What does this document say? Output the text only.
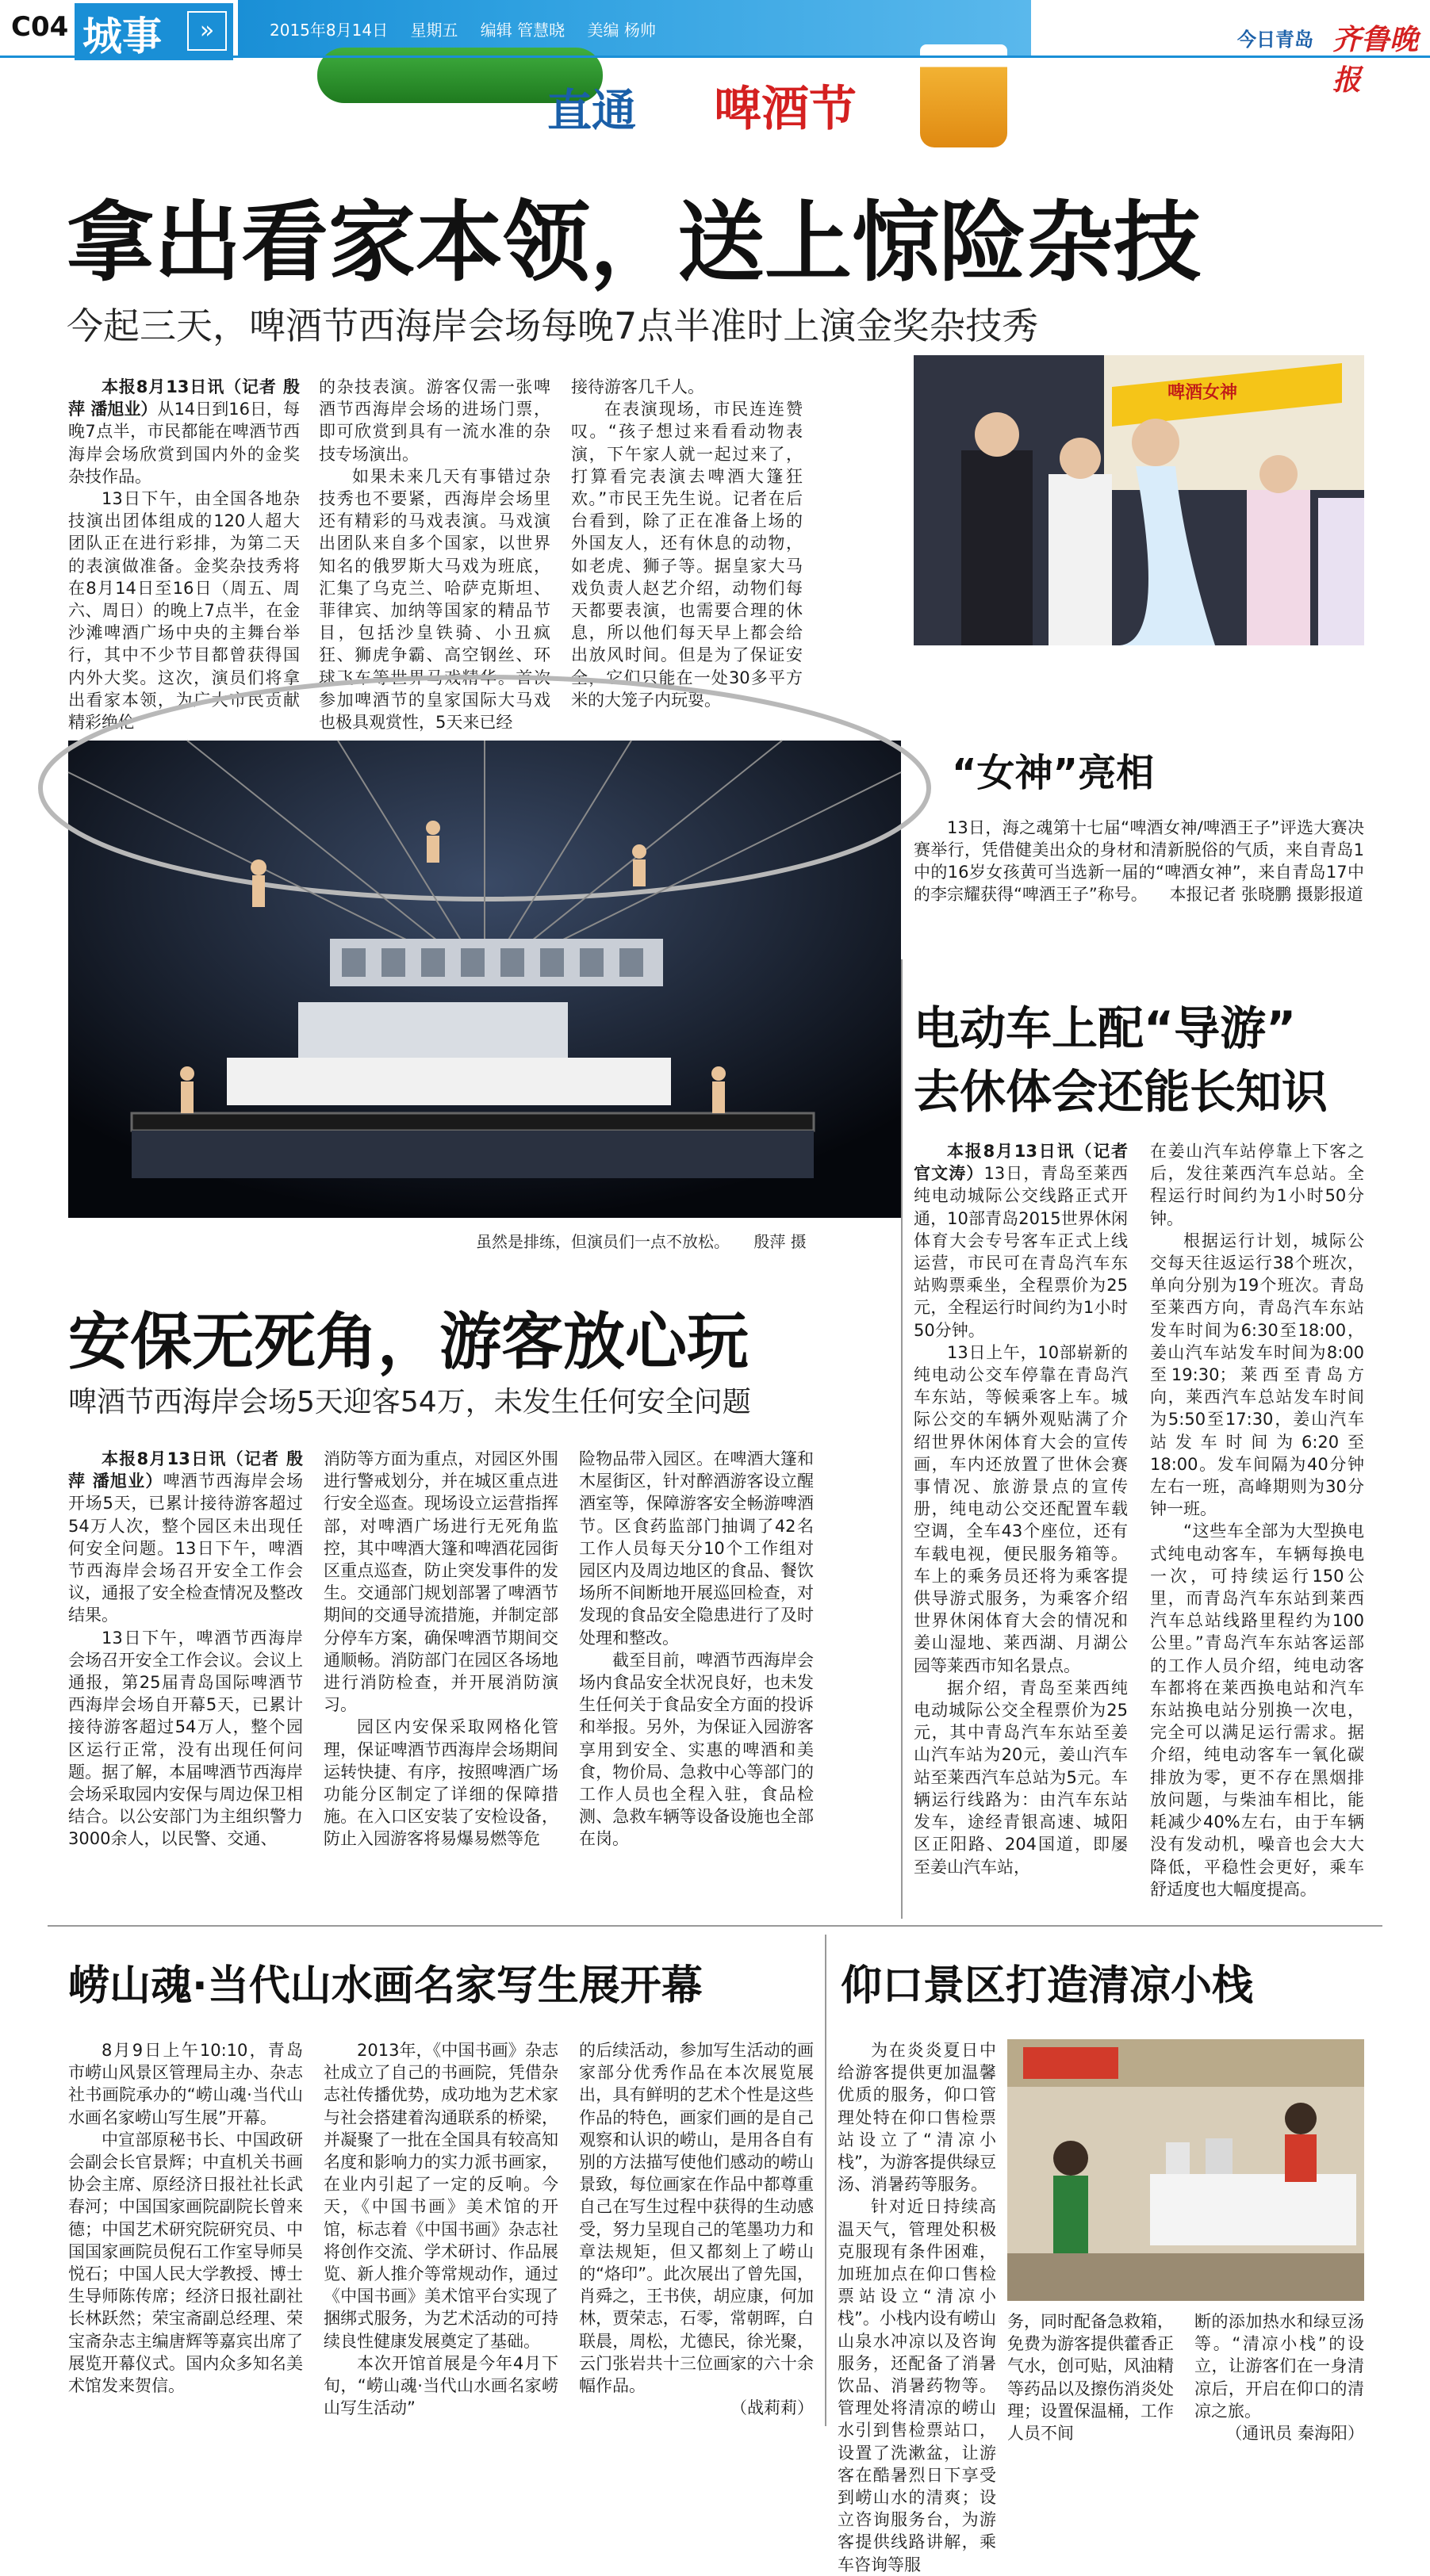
C04 城事	»	2015年8月14日 星期五 编辑 管慧晓 美编 杨帅
直通 啤酒节
今日青岛 齐鲁晚报
拿出看家本领，送上惊险杂技
今起三天，啤酒节西海岸会场每晚7点半准时上演金奖杂技秀

本报8月13日讯（记者 殷萍 潘旭业）从14日到16日，每晚7点半，市民都能在啤酒节西海岸会场欣赏到国内外的金奖杂技作品。

13日下午，由全国各地杂技演出团体组成的120人超大团队正在进行彩排，为第二天的表演做准备。金奖杂技秀将在8月14日至16日（周五、周六、周日）的晚上7点半，在金沙滩啤酒广场中央的主舞台举行，其中不少节目都曾获得国内外大奖。这次，演员们将拿出看家本领，为广大市民贡献精彩绝伦

的杂技表演。游客仅需一张啤酒节西海岸会场的进场门票，即可欣赏到具有一流水准的杂技专场演出。

如果未来几天有事错过杂技秀也不要紧，西海岸会场里还有精彩的马戏表演。马戏演出团队来自多个国家，以世界知名的俄罗斯大马戏为班底，汇集了乌克兰、哈萨克斯坦、菲律宾、加纳等国家的精品节目，包括沙皇铁骑、小丑疯狂、狮虎争霸、高空钢丝、环球飞车等世界马戏精华。首次参加啤酒节的皇家国际大马戏也极具观赏性，5天来已经

接待游客几千人。

在表演现场，市民连连赞叹。“孩子想过来看看动物表演，下午家人就一起过来了，打算看完表演去啤酒大篷狂欢。”市民王先生说。记者在后台看到，除了正在准备上场的外国友人，还有休息的动物，如老虎、狮子等。据皇家大马戏负责人赵艺介绍，动物们每天都要表演，也需要合理的休息，所以他们每天早上都会给出放风时间。但是为了保证安全，它们只能在一处30多平方米的大笼子内玩耍。

虽然是排练，但演员们一点不放松。 殷萍 摄
啤酒女神
“女神”亮相
13日，海之魂第十七届“啤酒女神/啤酒王子”评选大赛决赛举行，凭借健美出众的身材和清新脱俗的气质，来自青岛1中的16岁女孩黄可当选新一届的“啤酒女神”，来自青岛17中的李宗耀获得“啤酒王子”称号。 本报记者 张晓鹏 摄影报道
电动车上配“导游”
去休体会还能长知识

本报8月13日讯（记者 官文涛）13日，青岛至莱西纯电动城际公交线路正式开通，10部青岛2015世界休闲体育大会专号客车正式上线运营，市民可在青岛汽车东站购票乘坐，全程票价为25元，全程运行时间约为1小时50分钟。

13日上午，10部崭新的纯电动公交车停靠在青岛汽车东站，等候乘客上车。城际公交的车辆外观贴满了介绍世界休闲体育大会的宣传画，车内还放置了世休会赛事情况、旅游景点的宣传册，纯电动公交还配置车载空调，全车43个座位，还有车载电视，便民服务箱等。车上的乘务员还将为乘客提供导游式服务，为乘客介绍世界休闲体育大会的情况和姜山湿地、莱西湖、月湖公园等莱西市知名景点。

据介绍，青岛至莱西纯电动城际公交全程票价为25元，其中青岛汽车东站至姜山汽车站为20元，姜山汽车站至莱西汽车总站为5元。车辆运行线路为：由汽车东站发车，途经青银高速、城阳区正阳路、204国道，即屡至姜山汽车站，

在姜山汽车站停靠上下客之后，发往莱西汽车总站。全程运行时间约为1小时50分钟。

根据运行计划，城际公交每天往返运行38个班次，单向分别为19个班次。青岛至莱西方向，青岛汽车东站发车时间为6:30至18:00，姜山汽车站发车时间为8:00至19:30；莱西至青岛方向，莱西汽车总站发车时间为5:50至17:30，姜山汽车站发车时间为6:20至18:00。发车间隔为40分钟左右一班，高峰期则为30分钟一班。

“这些车全部为大型换电式纯电动客车，车辆每换电一次，可持续运行150公里，而青岛汽车东站到莱西汽车总站线路里程约为100公里。”青岛汽车东站客运部的工作人员介绍，纯电动客车都将在莱西换电站和汽车东站换电站分别换一次电，完全可以满足运行需求。据介绍，纯电动客车一氧化碳排放为零，更不存在黑烟排放问题，与柴油车相比，能耗减少40%左右，由于车辆没有发动机，噪音也会大大降低，平稳性会更好，乘车舒适度也大幅度提高。

安保无死角，游客放心玩
啤酒节西海岸会场5天迎客54万，未发生任何安全问题

本报8月13日讯（记者 殷萍 潘旭业）啤酒节西海岸会场开场5天，已累计接待游客超过54万人次，整个园区未出现任何安全问题。13日下午，啤酒节西海岸会场召开安全工作会议，通报了安全检查情况及整改结果。

13日下午，啤酒节西海岸会场召开安全工作会议。会议上通报，第25届青岛国际啤酒节西海岸会场自开幕5天，已累计接待游客超过54万人，整个园区运行正常，没有出现任何问题。据了解，本届啤酒节西海岸会场采取园内安保与周边保卫相结合。以公安部门为主组织警力3000余人，以民警、交通、

消防等方面为重点，对园区外围进行警戒划分，并在城区重点进行安全巡查。现场设立运营指挥部，对啤酒广场进行无死角监控，其中啤酒大篷和啤酒花园街区重点巡查，防止突发事件的发生。交通部门规划部署了啤酒节期间的交通导流措施，并制定部分停车方案，确保啤酒节期间交通顺畅。消防部门在园区各场地进行消防检查，并开展消防演习。

园区内安保采取网格化管理，保证啤酒节西海岸会场期间运转快捷、有序，按照啤酒广场功能分区制定了详细的保障措施。在入口区安装了安检设备，防止入园游客将易爆易燃等危

险物品带入园区。在啤酒大篷和木屋街区，针对醉酒游客设立醒酒室等，保障游客安全畅游啤酒节。区食药监部门抽调了42名工作人员每天分10个工作组对园区内及周边地区的食品、餐饮场所不间断地开展巡回检查，对发现的食品安全隐患进行了及时处理和整改。

截至目前，啤酒节西海岸会场内食品安全状况良好，也未发生任何关于食品安全方面的投诉和举报。另外，为保证入园游客享用到安全、实惠的啤酒和美食，物价局、急救中心等部门的工作人员也全程入驻，食品检测、急救车辆等设备设施也全部在岗。

崂山魂·当代山水画名家写生展开幕

8月9日上午10:10，青岛市崂山风景区管理局主办、杂志社书画院承办的“崂山魂·当代山水画名家崂山写生展”开幕。

中宣部原秘书长、中国政研会副会长官景辉；中直机关书画协会主席、原经济日报社社长武春河；中国国家画院副院长曾来德；中国艺术研究院研究员、中国国家画院员倪石工作室导师吴悦石；中国人民大学教授、博士生导师陈传席；经济日报社副社长林跃然；荣宝斋副总经理、荣宝斋杂志主编唐辉等嘉宾出席了展览开幕仪式。国内众多知名美术馆发来贺信。

2013年，《中国书画》杂志社成立了自己的书画院，凭借杂志社传播优势，成功地为艺术家与社会搭建着沟通联系的桥梁，并凝聚了一批在全国具有较高知名度和影响力的实力派书画家，在业内引起了一定的反响。今天，《中国书画》美术馆的开馆，标志着《中国书画》杂志社将创作交流、学术研讨、作品展览、新人推介等常规动作，通过《中国书画》美术馆平台实现了捆绑式服务，为艺术活动的可持续良性健康发展奠定了基础。

本次开馆首展是今年4月下旬，“崂山魂·当代山水画名家崂山写生活动”

的后续活动，参加写生活动的画家部分优秀作品在本次展览展出，具有鲜明的艺术个性是这些作品的特色，画家们画的是自己观察和认识的崂山，是用各自有别的方法描写使他们感动的崂山景致，每位画家在作品中都尊重自己在写生过程中获得的生动感受，努力呈现自己的笔墨功力和章法规矩，但又都刻上了崂山的“烙印”。此次展出了曾先国，肖舜之，王书侠，胡应康，何加林，贾荣志，石零，常朝晖，白联晨，周松，尤德民，徐光聚，云门张岩共十三位画家的六十余幅作品。

（战莉莉）

仰口景区打造清凉小栈

为在炎炎夏日中给游客提供更加温馨优质的服务，仰口管理处特在仰口售检票站设立了“清凉小栈”，为游客提供绿豆汤、消暑药等服务。

针对近日持续高温天气，管理处积极克服现有条件困难，加班加点在仰口售检票站设立“清凉小栈”。小栈内设有崂山山泉水冲凉以及咨询服务，还配备了消暑饮品、消暑药物等。管理处将清凉的崂山水引到售检票站口，设置了洗漱盆，让游客在酷暑烈日下享受到崂山水的清爽；设立咨询服务台，为游客提供线路讲解，乘车咨询等服

务，同时配备急救箱，免费为游客提供藿香正气水，创可贴，风油精等药品以及擦伤消炎处理；设置保温桶，工作人员不间

断的添加热水和绿豆汤等。“清凉小栈”的设立，让游客们在一身清凉后，开启在仰口的清凉之旅。

（通讯员 秦海阳）
